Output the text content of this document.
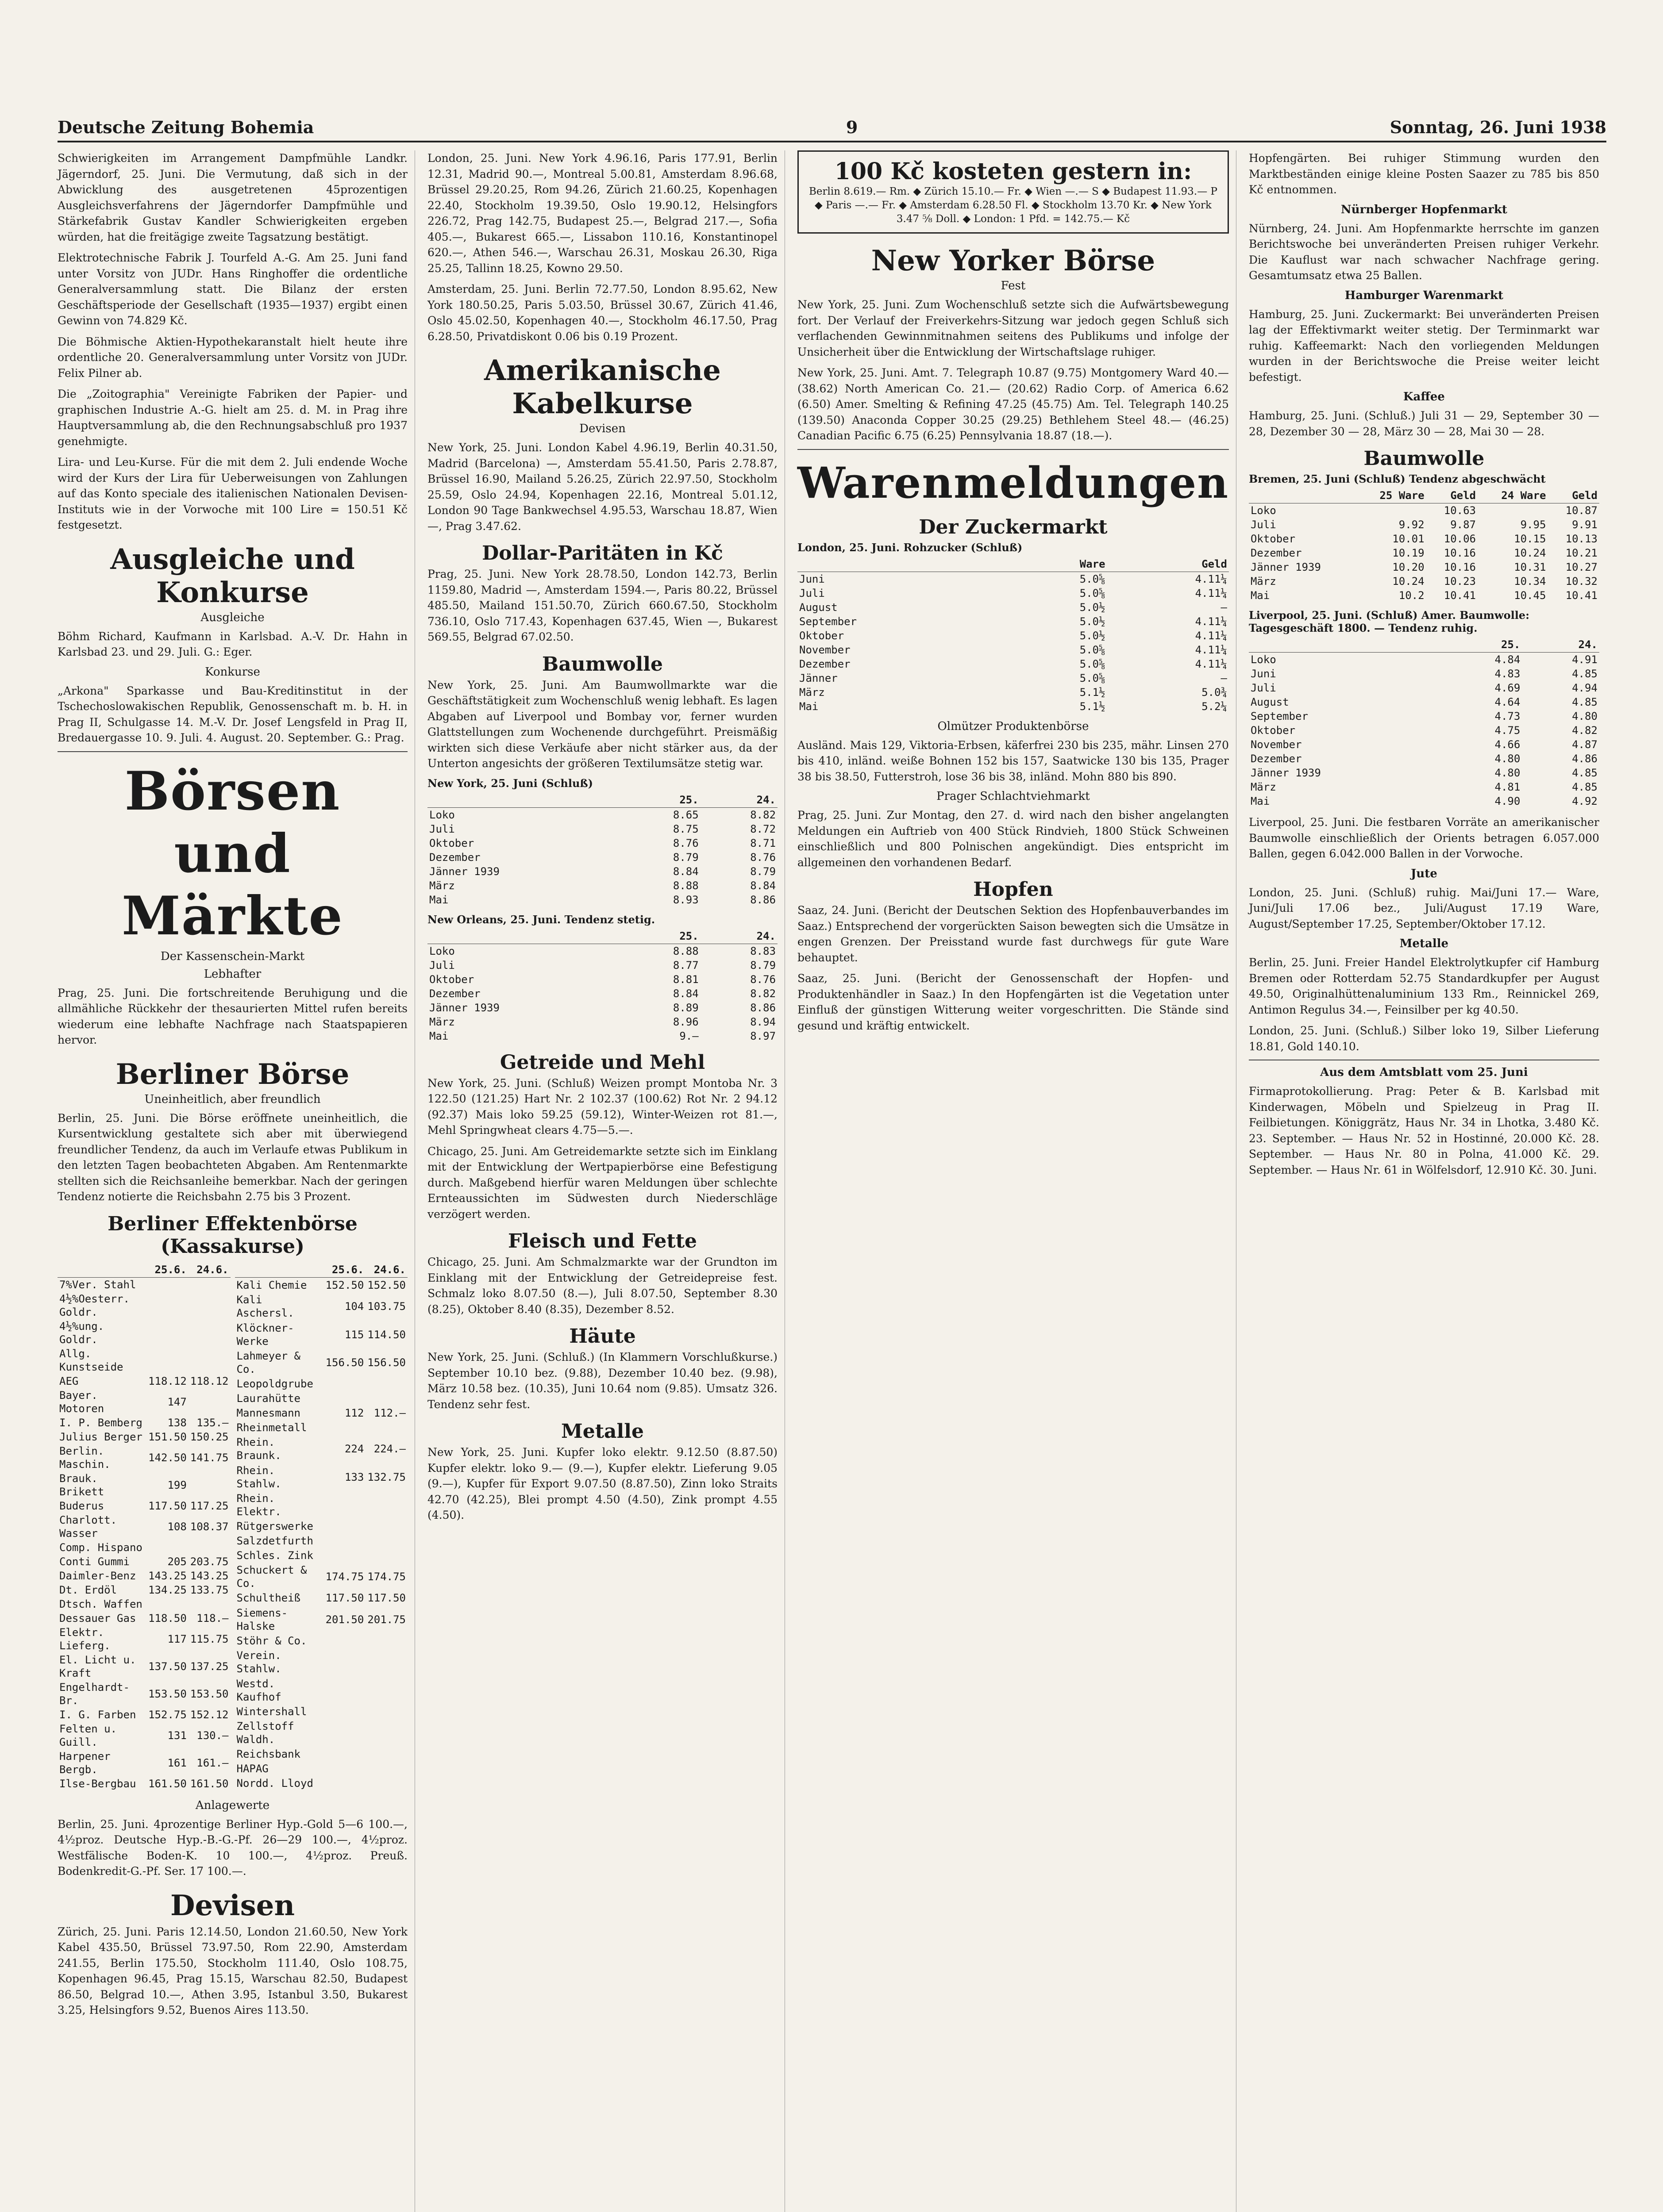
Deutsche Zeitung Bohemia	9	Sonntag, 26. Juni 1938

Schwierigkeiten im Arrangement Dampfmühle Landkr. Jägerndorf, 25. Juni. Die Vermutung, daß sich in der Abwicklung des ausgetretenen 45prozentigen Ausgleichsverfahrens der Jägerndorfer Dampfmühle und Stärkefabrik Gustav Kandler Schwierigkeiten ergeben würden, hat die freitägige zweite Tagsatzung bestätigt.

Elektrotechnische Fabrik J. Tourfeld A.-G. Am 25. Juni fand unter Vorsitz von JUDr. Hans Ringhoffer die ordentliche Generalversammlung statt. Die Bilanz der ersten Geschäftsperiode der Gesellschaft (1935—1937) ergibt einen Gewinn von 74.829 Kč.

Die Böhmische Aktien-Hypothekaranstalt hielt heute ihre ordentliche 20. Generalversammlung unter Vorsitz von JUDr. Felix Pilner ab.

Die „Zoitographia" Vereinigte Fabriken der Papier- und graphischen Industrie A.-G. hielt am 25. d. M. in Prag ihre Hauptversammlung ab, die den Rechnungsabschluß pro 1937 genehmigte.

Lira- und Leu-Kurse. Für die mit dem 2. Juli endende Woche wird der Kurs der Lira für Ueberweisungen von Zahlungen auf das Konto speciale des italienischen Nationalen Devisen-Instituts wie in der Vorwoche mit 100 Lire = 150.51 Kč festgesetzt.

Ausgleiche und Konkurse
Ausgleiche

Böhm Richard, Kaufmann in Karlsbad. A.-V. Dr. Hahn in Karlsbad 23. und 29. Juli. G.: Eger.

Konkurse

„Arkona" Sparkasse und Bau-Kreditinstitut in der Tschechoslowakischen Republik, Genossenschaft m. b. H. in Prag II, Schulgasse 14. M.-V. Dr. Josef Lengsfeld in Prag II, Bredauergasse 10. 9. Juli. 4. August. 20. September. G.: Prag.

Börsen und Märkte
Der Kassenschein-Markt
Lebhafter

Prag, 25. Juni. Die fortschreitende Beruhigung und die allmähliche Rückkehr der thesaurierten Mittel rufen bereits wiederum eine lebhafte Nachfrage nach Staatspapieren hervor.

Berliner Börse
Uneinheitlich, aber freundlich

Berlin, 25. Juni. Die Börse eröffnete uneinheitlich, die Kursentwicklung gestaltete sich aber mit überwiegend freundlicher Tendenz, da auch im Verlaufe etwas Publikum in den letzten Tagen beobachteten Abgaben. Am Rentenmarkte stellten sich die Reichsanleihe bemerkbar. Nach der geringen Tendenz notierte die Reichsbahn 2.75 bis 3 Prozent.

Berliner Effektenbörse (Kassakurse)
	25.6.	24.6.
7%Ver. Stahl		
4½%Oesterr. Goldr.		
4½%ung. Goldr.		
Allg. Kunstseide		
AEG	118.12	118.12
Bayer. Motoren	147	
I. P. Bemberg	138	135.—
Julius Berger	151.50	150.25
Berlin. Maschin.	142.50	141.75
Brauk. Brikett	199	
Buderus	117.50	117.25
Charlott. Wasser	108	108.37
Comp. Hispano		
Conti Gummi	205	203.75
Daimler-Benz	143.25	143.25
Dt. Erdöl	134.25	133.75
Dtsch. Waffen		
Dessauer Gas	118.50	118.—
Elektr. Lieferg.	117	115.75
El. Licht u. Kraft	137.50	137.25
Engelhardt-Br.	153.50	153.50
I. G. Farben	152.75	152.12
Felten u. Guill.	131	130.—
Harpener Bergb.	161	161.—
Ilse-Bergbau	161.50	161.50
	25.6.	24.6.
Kali Chemie	152.50	152.50
Kali Aschersl.	104	103.75
Klöckner-Werke	115	114.50
Lahmeyer & Co.	156.50	156.50
Leopoldgrube		
Laurahütte		
Mannesmann	112	112.—
Rheinmetall		
Rhein. Braunk.	224	224.—
Rhein. Stahlw.	133	132.75
Rhein. Elektr.		
Rütgerswerke		
Salzdetfurth		
Schles. Zink		
Schuckert & Co.	174.75	174.75
Schultheiß	117.50	117.50
Siemens-Halske	201.50	201.75
Stöhr & Co.		
Verein. Stahlw.		
Westd. Kaufhof		
Wintershall		
Zellstoff Waldh.		
Reichsbank		
HAPAG		
Nordd. Lloyd		
Anlagewerte

Berlin, 25. Juni. 4prozentige Berliner Hyp.-Gold 5—6 100.—, 4½proz. Deutsche Hyp.-B.-G.-Pf. 26—29 100.—, 4½proz. Westfälische Boden-K. 10 100.—, 4½proz. Preuß. Bodenkredit-G.-Pf. Ser. 17 100.—.

Devisen

Zürich, 25. Juni. Paris 12.14.50, London 21.60.50, New York Kabel 435.50, Brüssel 73.97.50, Rom 22.90, Amsterdam 241.55, Berlin 175.50, Stockholm 111.40, Oslo 108.75, Kopenhagen 96.45, Prag 15.15, Warschau 82.50, Budapest 86.50, Belgrad 10.—, Athen 3.95, Istanbul 3.50, Bukarest 3.25, Helsingfors 9.52, Buenos Aires 113.50.

London, 25. Juni. New York 4.96.16, Paris 177.91, Berlin 12.31, Madrid 90.—, Montreal 5.00.81, Amsterdam 8.96.68, Brüssel 29.20.25, Rom 94.26, Zürich 21.60.25, Kopenhagen 22.40, Stockholm 19.39.50, Oslo 19.90.12, Helsingfors 226.72, Prag 142.75, Budapest 25.—, Belgrad 217.—, Sofia 405.—, Bukarest 665.—, Lissabon 110.16, Konstantinopel 620.—, Athen 546.—, Warschau 26.31, Moskau 26.30, Riga 25.25, Tallinn 18.25, Kowno 29.50.

Amsterdam, 25. Juni. Berlin 72.77.50, London 8.95.62, New York 180.50.25, Paris 5.03.50, Brüssel 30.67, Zürich 41.46, Oslo 45.02.50, Kopenhagen 40.—, Stockholm 46.17.50, Prag 6.28.50, Privatdiskont 0.06 bis 0.19 Prozent.

Amerikanische Kabelkurse
Devisen

New York, 25. Juni. London Kabel 4.96.19, Berlin 40.31.50, Madrid (Barcelona) —, Amsterdam 55.41.50, Paris 2.78.87, Brüssel 16.90, Mailand 5.26.25, Zürich 22.97.50, Stockholm 25.59, Oslo 24.94, Kopenhagen 22.16, Montreal 5.01.12, London 90 Tage Bankwechsel 4.95.53, Warschau 18.87, Wien —, Prag 3.47.62.

Dollar-Paritäten in Kč

Prag, 25. Juni. New York 28.78.50, London 142.73, Berlin 1159.80, Madrid —, Amsterdam 1594.—, Paris 80.22, Brüssel 485.50, Mailand 151.50.70, Zürich 660.67.50, Stockholm 736.10, Oslo 717.43, Kopenhagen 637.45, Wien —, Bukarest 569.55, Belgrad 67.02.50.

Baumwolle

New York, 25. Juni. Am Baumwollmarkte war die Geschäftstätigkeit zum Wochenschluß wenig lebhaft. Es lagen Abgaben auf Liverpool und Bombay vor, ferner wurden Glattstellungen zum Wochenende durchgeführt. Preismäßig wirkten sich diese Verkäufe aber nicht stärker aus, da der Unterton angesichts der größeren Textilumsätze stetig war.

New York, 25. Juni (Schluß)
	25.	24.
Loko	8.65	8.82
Juli	8.75	8.72
Oktober	8.76	8.71
Dezember	8.79	8.76
Jänner 1939	8.84	8.79
März	8.88	8.84
Mai	8.93	8.86
New Orleans, 25. Juni. Tendenz stetig.
	25.	24.
Loko	8.88	8.83
Juli	8.77	8.79
Oktober	8.81	8.76
Dezember	8.84	8.82
Jänner 1939	8.89	8.86
März	8.96	8.94
Mai	9.—	8.97
Getreide und Mehl

New York, 25. Juni. (Schluß) Weizen prompt Montoba Nr. 3 122.50 (121.25) Hart Nr. 2 102.37 (100.62) Rot Nr. 2 94.12 (92.37) Mais loko 59.25 (59.12), Winter-Weizen rot 81.—, Mehl Springwheat clears 4.75—5.—.

Chicago, 25. Juni. Am Getreidemarkte setzte sich im Einklang mit der Entwicklung der Wertpapierbörse eine Befestigung durch. Maßgebend hierfür waren Meldungen über schlechte Ernteaussichten im Südwesten durch Niederschläge verzögert werden.

Fleisch und Fette

Chicago, 25. Juni. Am Schmalzmarkte war der Grundton im Einklang mit der Entwicklung der Getreidepreise fest. Schmalz loko 8.07.50 (8.—), Juli 8.07.50, September 8.30 (8.25), Oktober 8.40 (8.35), Dezember 8.52.

Häute

New York, 25. Juni. (Schluß.) (In Klammern Vorschlußkurse.) September 10.10 bez. (9.88), Dezember 10.40 bez. (9.98), März 10.58 bez. (10.35), Juni 10.64 nom (9.85). Umsatz 326. Tendenz sehr fest.

Metalle

New York, 25. Juni. Kupfer loko elektr. 9.12.50 (8.87.50) Kupfer elektr. loko 9.— (9.—), Kupfer elektr. Lieferung 9.05 (9.—), Kupfer für Export 9.07.50 (8.87.50), Zinn loko Straits 42.70 (42.25), Blei prompt 4.50 (4.50), Zink prompt 4.55 (4.50).

100 Kč kosteten gestern in:
Berlin 8.619.— Rm. ◆ Zürich 15.10.— Fr. ◆ Wien —.— S ◆ Budapest 11.93.— P ◆ Paris —.— Fr. ◆ Amsterdam 6.28.50 Fl. ◆ Stockholm 13.70 Kr. ◆ New York 3.47 ⅝ Doll. ◆ London: 1 Pfd. = 142.75.— Kč
New Yorker Börse
Fest

New York, 25. Juni. Zum Wochenschluß setzte sich die Aufwärtsbewegung fort. Der Verlauf der Freiverkehrs-Sitzung war jedoch gegen Schluß sich verflachenden Gewinnmitnahmen seitens des Publikums und infolge der Unsicherheit über die Entwicklung der Wirtschaftslage ruhiger.

New York, 25. Juni. Amt. 7. Telegraph 10.87 (9.75) Montgomery Ward 40.— (38.62) North American Co. 21.— (20.62) Radio Corp. of America 6.62 (6.50) Amer. Smelting & Refining 47.25 (45.75) Am. Tel. Telegraph 140.25 (139.50) Anaconda Copper 30.25 (29.25) Bethlehem Steel 48.— (46.25) Canadian Pacific 6.75 (6.25) Pennsylvania 18.87 (18.—).

Warenmeldungen
Der Zuckermarkt
London, 25. Juni. Rohzucker (Schluß)
	Ware	Geld
Juni	5.0⅝	4.11¼
Juli	5.0⅝	4.11¼
August	5.0½	—
September	5.0½	4.11¼
Oktober	5.0½	4.11¼
November	5.0⅝	4.11¼
Dezember	5.0⅝	4.11¼
Jänner	5.0⅝	—
März	5.1½	5.0¾
Mai	5.1½	5.2¼
Olmützer Produktenbörse

Ausländ. Mais 129, Viktoria-Erbsen, käferfrei 230 bis 235, mähr. Linsen 270 bis 410, inländ. weiße Bohnen 152 bis 157, Saatwicke 130 bis 135, Prager 38 bis 38.50, Futterstroh, lose 36 bis 38, inländ. Mohn 880 bis 890.

Prager Schlachtviehmarkt

Prag, 25. Juni. Zur Montag, den 27. d. wird nach den bisher angelangten Meldungen ein Auftrieb von 400 Stück Rindvieh, 1800 Stück Schweinen einschließlich und 800 Polnischen angekündigt. Dies entspricht im allgemeinen den vorhandenen Bedarf.

Hopfen

Saaz, 24. Juni. (Bericht der Deutschen Sektion des Hopfenbauverbandes im Saaz.) Entsprechend der vorgerückten Saison bewegten sich die Umsätze in engen Grenzen. Der Preisstand wurde fast durchwegs für gute Ware behauptet.

Saaz, 25. Juni. (Bericht der Genossenschaft der Hopfen- und Produktenhändler in Saaz.) In den Hopfengärten ist die Vegetation unter Einfluß der günstigen Witterung weiter vorgeschritten. Die Stände sind gesund und kräftig entwickelt.

Hopfengärten. Bei ruhiger Stimmung wurden den Marktbeständen einige kleine Posten Saazer zu 785 bis 850 Kč entnommen.

Nürnberger Hopfenmarkt

Nürnberg, 24. Juni. Am Hopfenmarkte herrschte im ganzen Berichtswoche bei unveränderten Preisen ruhiger Verkehr. Die Kauflust war nach schwacher Nachfrage gering. Gesamtumsatz etwa 25 Ballen.

Hamburger Warenmarkt

Hamburg, 25. Juni. Zuckermarkt: Bei unveränderten Preisen lag der Effektivmarkt weiter stetig. Der Terminmarkt war ruhig. Kaffeemarkt: Nach den vorliegenden Meldungen wurden in der Berichtswoche die Preise weiter leicht befestigt.

Kaffee

Hamburg, 25. Juni. (Schluß.) Juli 31 — 29, September 30 — 28, Dezember 30 — 28, März 30 — 28, Mai 30 — 28.

Baumwolle
Bremen, 25. Juni (Schluß) Tendenz abgeschwächt
	25 Ware	Geld	24 Ware	Geld
Loko		10.63		10.87
Juli	9.92	9.87	9.95	9.91
Oktober	10.01	10.06	10.15	10.13
Dezember	10.19	10.16	10.24	10.21
Jänner 1939	10.20	10.16	10.31	10.27
März	10.24	10.23	10.34	10.32
Mai	10.2	10.41	10.45	10.41
Liverpool, 25. Juni. (Schluß) Amer. Baumwolle: Tagesgeschäft 1800. — Tendenz ruhig.
	25.	24.
Loko	4.84	4.91
Juni	4.83	4.85
Juli	4.69	4.94
August	4.64	4.85
September	4.73	4.80
Oktober	4.75	4.82
November	4.66	4.87
Dezember	4.80	4.86
Jänner 1939	4.80	4.85
März	4.81	4.85
Mai	4.90	4.92

Liverpool, 25. Juni. Die festbaren Vorräte an amerikanischer Baumwolle einschließlich der Orients betragen 6.057.000 Ballen, gegen 6.042.000 Ballen in der Vorwoche.

Jute

London, 25. Juni. (Schluß) ruhig. Mai/Juni 17.— Ware, Juni/Juli 17.06 bez., Juli/August 17.19 Ware, August/September 17.25, September/Oktober 17.12.

Metalle

Berlin, 25. Juni. Freier Handel Elektrolytkupfer cif Hamburg Bremen oder Rotterdam 52.75 Standardkupfer per August 49.50, Originalhüttenaluminium 133 Rm., Reinnickel 269, Antimon Regulus 34.—, Feinsilber per kg 40.50.

London, 25. Juni. (Schluß.) Silber loko 19, Silber Lieferung 18.81, Gold 140.10.

Aus dem Amtsblatt vom 25. Juni

Firmaprotokollierung. Prag: Peter & B. Karlsbad mit Kinderwagen, Möbeln und Spielzeug in Prag II. Feilbietungen. Königgrätz, Haus Nr. 34 in Lhotka, 3.480 Kč. 23. September. — Haus Nr. 52 in Hostinné, 20.000 Kč. 28. September. — Haus Nr. 80 in Polna, 41.000 Kč. 29. September. — Haus Nr. 61 in Wölfelsdorf, 12.910 Kč. 30. Juni.
